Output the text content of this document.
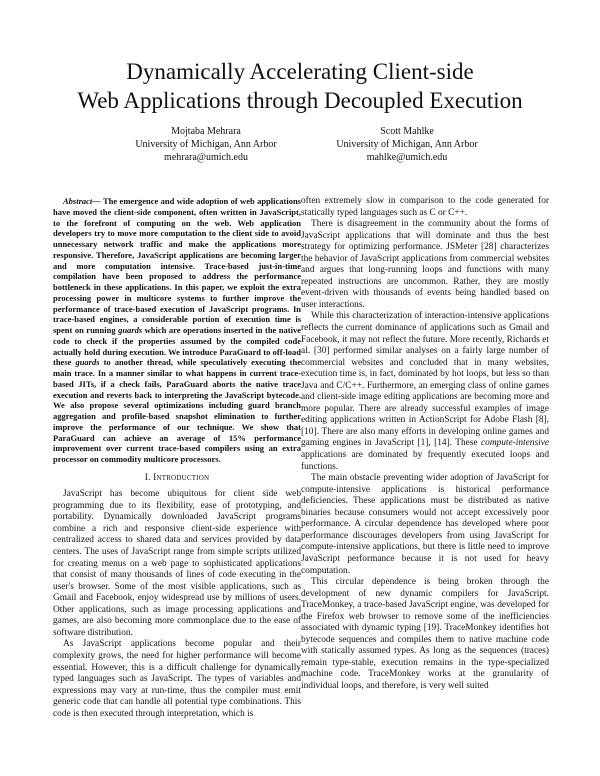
Dynamically Accelerating Client-side
Web Applications through Decoupled Execution
Mojtaba Mehrara
University of Michigan, Ann Arbor
mehrara@umich.edu
Scott Mahlke
University of Michigan, Ann Arbor
mahlke@umich.edu

Abstract— The emergence and wide adoption of web applications have moved the client-side component, often written in JavaScript, to the forefront of computing on the web. Web application developers try to move more computation to the client side to avoid unnecessary network traffic and make the applications more responsive. Therefore, JavaScript applications are becoming larger and more computation intensive. Trace-based just-in-time compilation have been proposed to address the performance bottleneck in these applications. In this paper, we exploit the extra processing power in multicore systems to further improve the performance of trace-based execution of JavaScript programs. In trace-based engines, a considerable portion of execution time is spent on running guards which are operations inserted in the native code to check if the properties assumed by the compiled code actually hold during execution. We introduce ParaGuard to off-load these guards to another thread, while speculatively executing the main trace. In a manner similar to what happens in current trace-based JITs, if a check fails, ParaGuard aborts the native trace execution and reverts back to interpreting the JavaScript bytecode. We also propose several optimizations including guard branch aggregation and profile-based snapshot elimination to further improve the performance of our technique. We show that ParaGuard can achieve an average of 15% performance improvement over current trace-based compilers using an extra processor on commodity multicore processors.

I. Introduction

JavaScript has become ubiquitous for client side web programming due to its flexibility, ease of prototyping, and portability. Dynamically downloaded JavaScript programs combine a rich and responsive client-side experience with centralized access to shared data and services provided by data centers. The uses of JavaScript range from simple scripts utilized for creating menus on a web page to sophisticated applications that consist of many thousands of lines of code executing in the user's browser. Some of the most visible applications, such as Gmail and Facebook, enjoy widespread use by millions of users. Other applications, such as image processing applications and games, are also becoming more commonplace due to the ease of software distribution.

As JavaScript applications become popular and their complexity grows, the need for higher performance will become essential. However, this is a difficult challenge for dynamically typed languages such as JavaScript. The types of variables and expressions may vary at run-time, thus the compiler must emit generic code that can handle all potential type combinations. This code is then executed through interpretation, which is

often extremely slow in comparison to the code generated for statically typed languages such as C or C++.

There is disagreement in the community about the forms of JavaScript applications that will dominate and thus the best strategy for optimizing performance. JSMeter [28] characterizes the behavior of JavaScript applications from commercial websites and argues that long-running loops and functions with many repeated instructions are uncommon. Rather, they are mostly event-driven with thousands of events being handled based on user interactions.

While this characterization of interaction-intensive applications reflects the current dominance of applications such as Gmail and Facebook, it may not reflect the future. More recently, Richards et al. [30] performed similar analyses on a fairly large number of commercial websites and concluded that in many websites, execution time is, in fact, dominated by hot loops, but less so than Java and C/C++. Furthermore, an emerging class of online games and client-side image editing applications are becoming more and more popular. There are already successful examples of image editing applications written in ActionScript for Adobe Flash [8], [10]. There are also many efforts in developing online games and gaming engines in JavaScript [1], [14]. These compute-intensive applications are dominated by frequently executed loops and functions.

The main obstacle preventing wider adoption of JavaScript for compute-intensive applications is historical performance deficiencies. These applications must be distributed as native binaries because consumers would not accept excessively poor performance. A circular dependence has developed where poor performance discourages developers from using JavaScript for compute-intensive applications, but there is little need to improve JavaScript performance because it is not used for heavy computation.

This circular dependence is being broken through the development of new dynamic compilers for JavaScript. TraceMonkey, a trace-based JavaScript engine, was developed for the Firefox web browser to remove some of the inefficiencies associated with dynamic typing [19]. TraceMonkey identifies hot bytecode sequences and compiles them to native machine code with statically assumed types. As long as the sequences (traces) remain type-stable, execution remains in the type-specialized machine code. TraceMonkey works at the granularity of individual loops, and therefore, is very well suited
